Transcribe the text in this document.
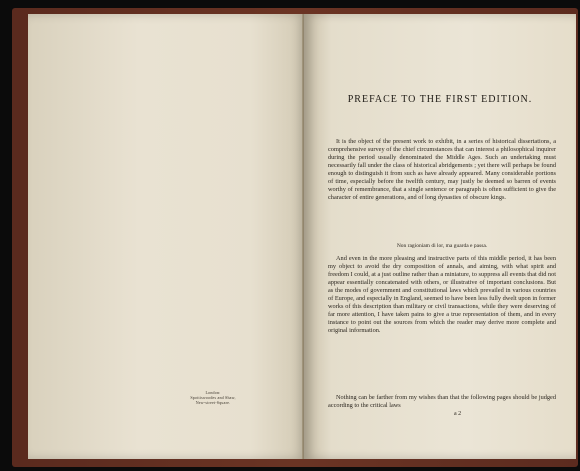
London:
Spottiswoodes and Shaw,
New-street-Square.
PREFACE TO THE FIRST EDITION.
It is the object of the present work to exhibit, in a series of historical dissertations, a comprehensive survey of the chief circumstances that can interest a philosophical inquirer during the period usually denominated the Middle Ages. Such an undertaking must necessarily fall under the class of historical abridgements ; yet there will perhaps be found enough to distinguish it from such as have already appeared. Many considerable portions of time, especially before the twelfth century, may justly be deemed so barren of events worthy of remembrance, that a single sentence or paragraph is often sufficient to give the character of entire generations, and of long dynasties of obscure kings.
Non ragioniam di lor, ma guarda e passa.
And even in the more pleasing and instructive parts of this middle period, it has been my object to avoid the dry composition of annals, and aiming, with what spirit and freedom I could, at a just outline rather than a miniature, to suppress all events that did not appear essentially concatenated with others, or illustrative of important conclusions. But as the modes of government and constitutional laws which prevailed in various countries of Europe, and especially in England, seemed to have been less fully dwelt upon in former works of this description than military or civil transactions, while they were deserving of far more attention, I have taken pains to give a true representation of them, and in every instance to point out the sources from which the reader may derive more complete and original information.
Nothing can be farther from my wishes than that the following pages should be judged according to the critical laws
a 2
